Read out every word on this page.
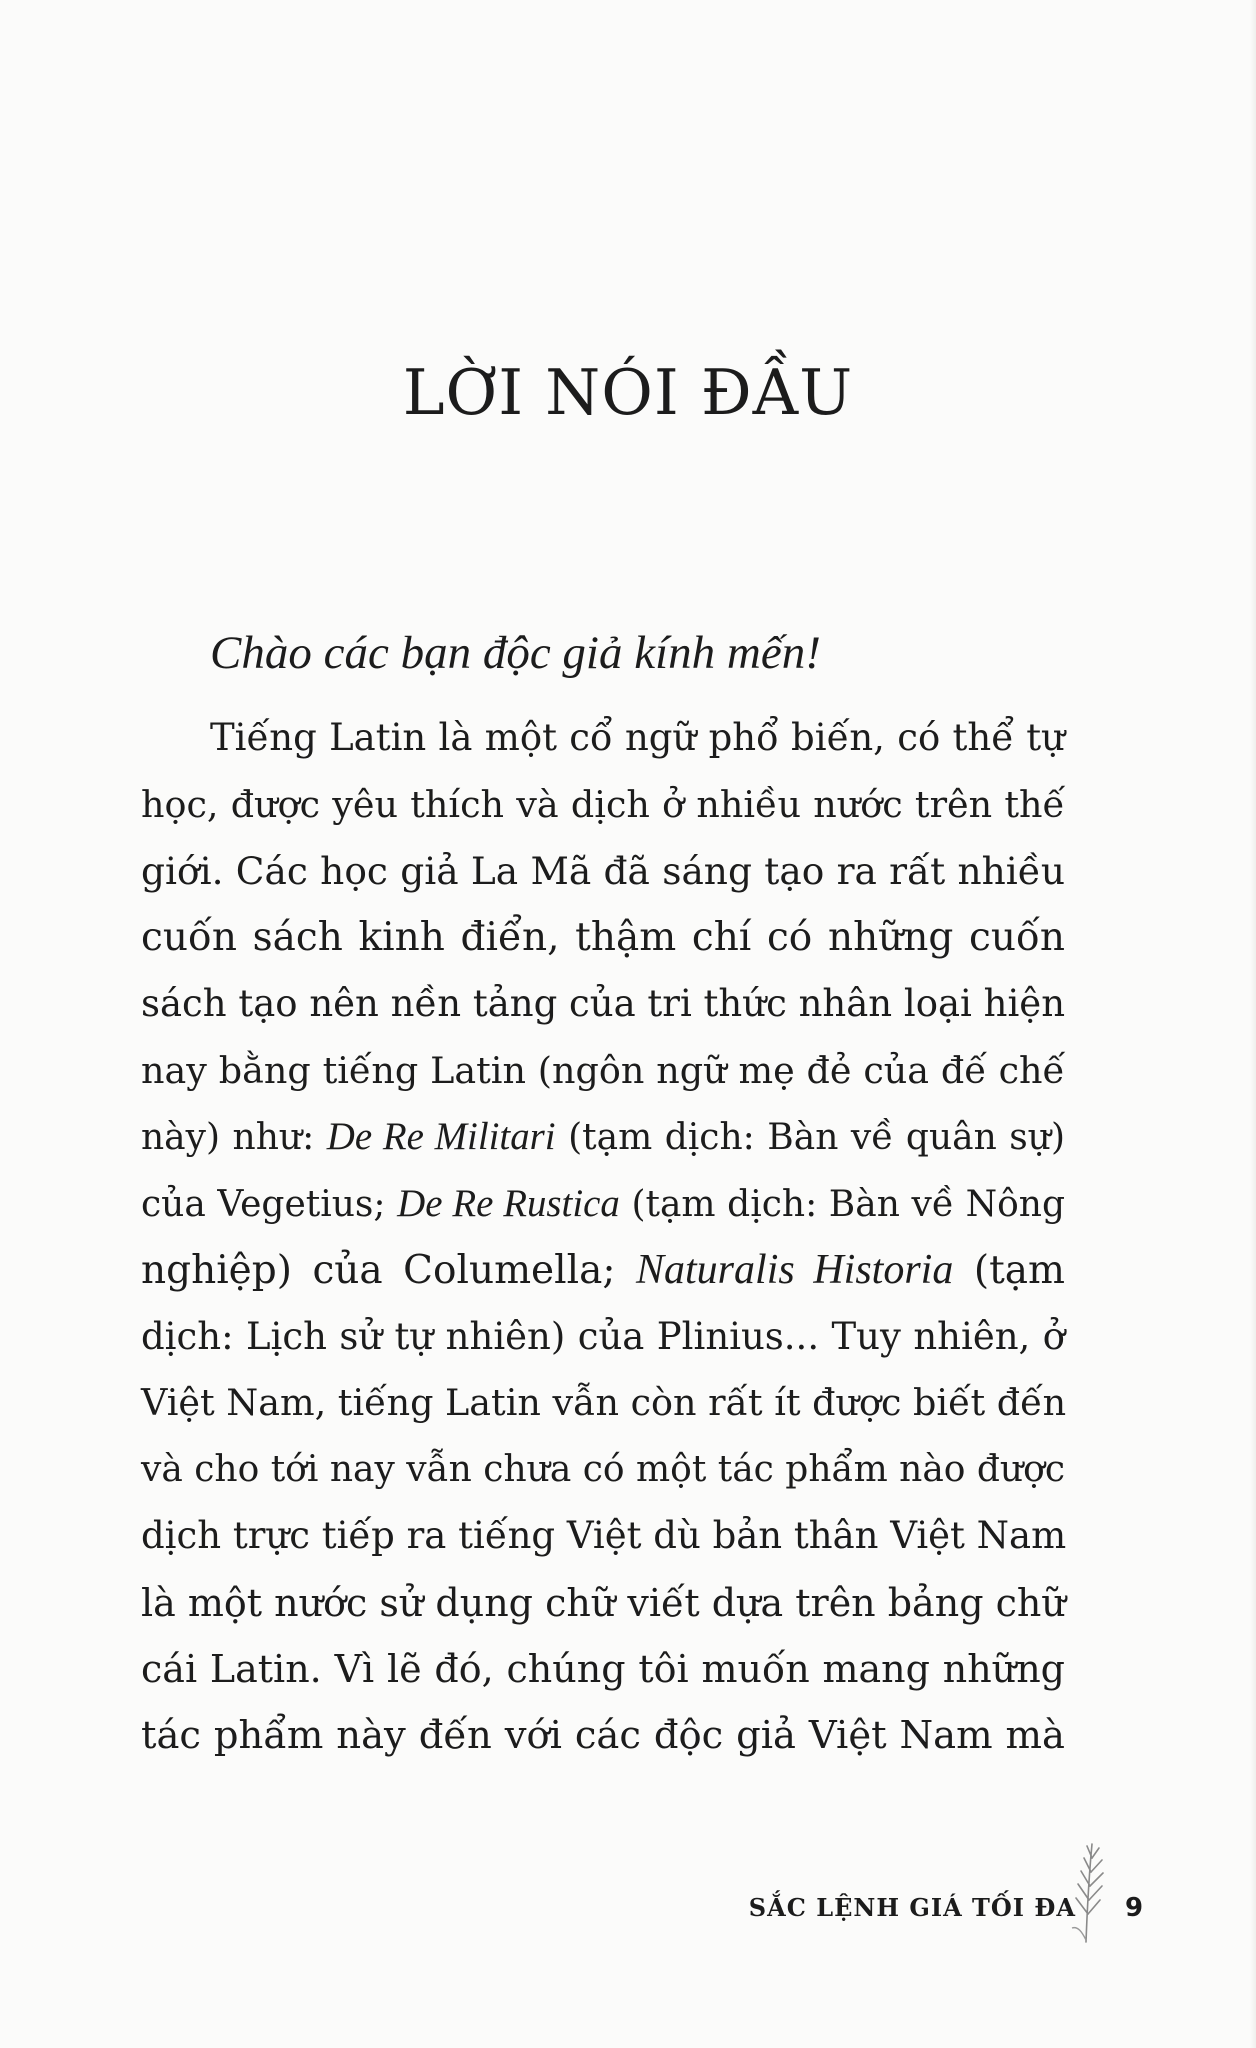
LỜI NÓI ĐẦU

Chào các bạn độc giả kính mến!

Tiếng Latin là một cổ ngữ phổ biến, có thể tự
học, được yêu thích và dịch ở nhiều nước trên thế
giới. Các học giả La Mã đã sáng tạo ra rất nhiều
cuốn sách kinh điển, thậm chí có những cuốn
sách tạo nên nền tảng của tri thức nhân loại hiện
nay bằng tiếng Latin (ngôn ngữ mẹ đẻ của đế chế
này) như: De Re Militari (tạm dịch: Bàn về quân sự)
của Vegetius; De Re Rustica (tạm dịch: Bàn về Nông
nghiệp) của Columella; Naturalis Historia (tạm
dịch: Lịch sử tự nhiên) của Plinius... Tuy nhiên, ở
Việt Nam, tiếng Latin vẫn còn rất ít được biết đến
và cho tới nay vẫn chưa có một tác phẩm nào được
dịch trực tiếp ra tiếng Việt dù bản thân Việt Nam
là một nước sử dụng chữ viết dựa trên bảng chữ
cái Latin. Vì lẽ đó, chúng tôi muốn mang những
tác phẩm này đến với các độc giả Việt Nam mà
SẮC LỆNH GIÁ TỐI ĐA 9
